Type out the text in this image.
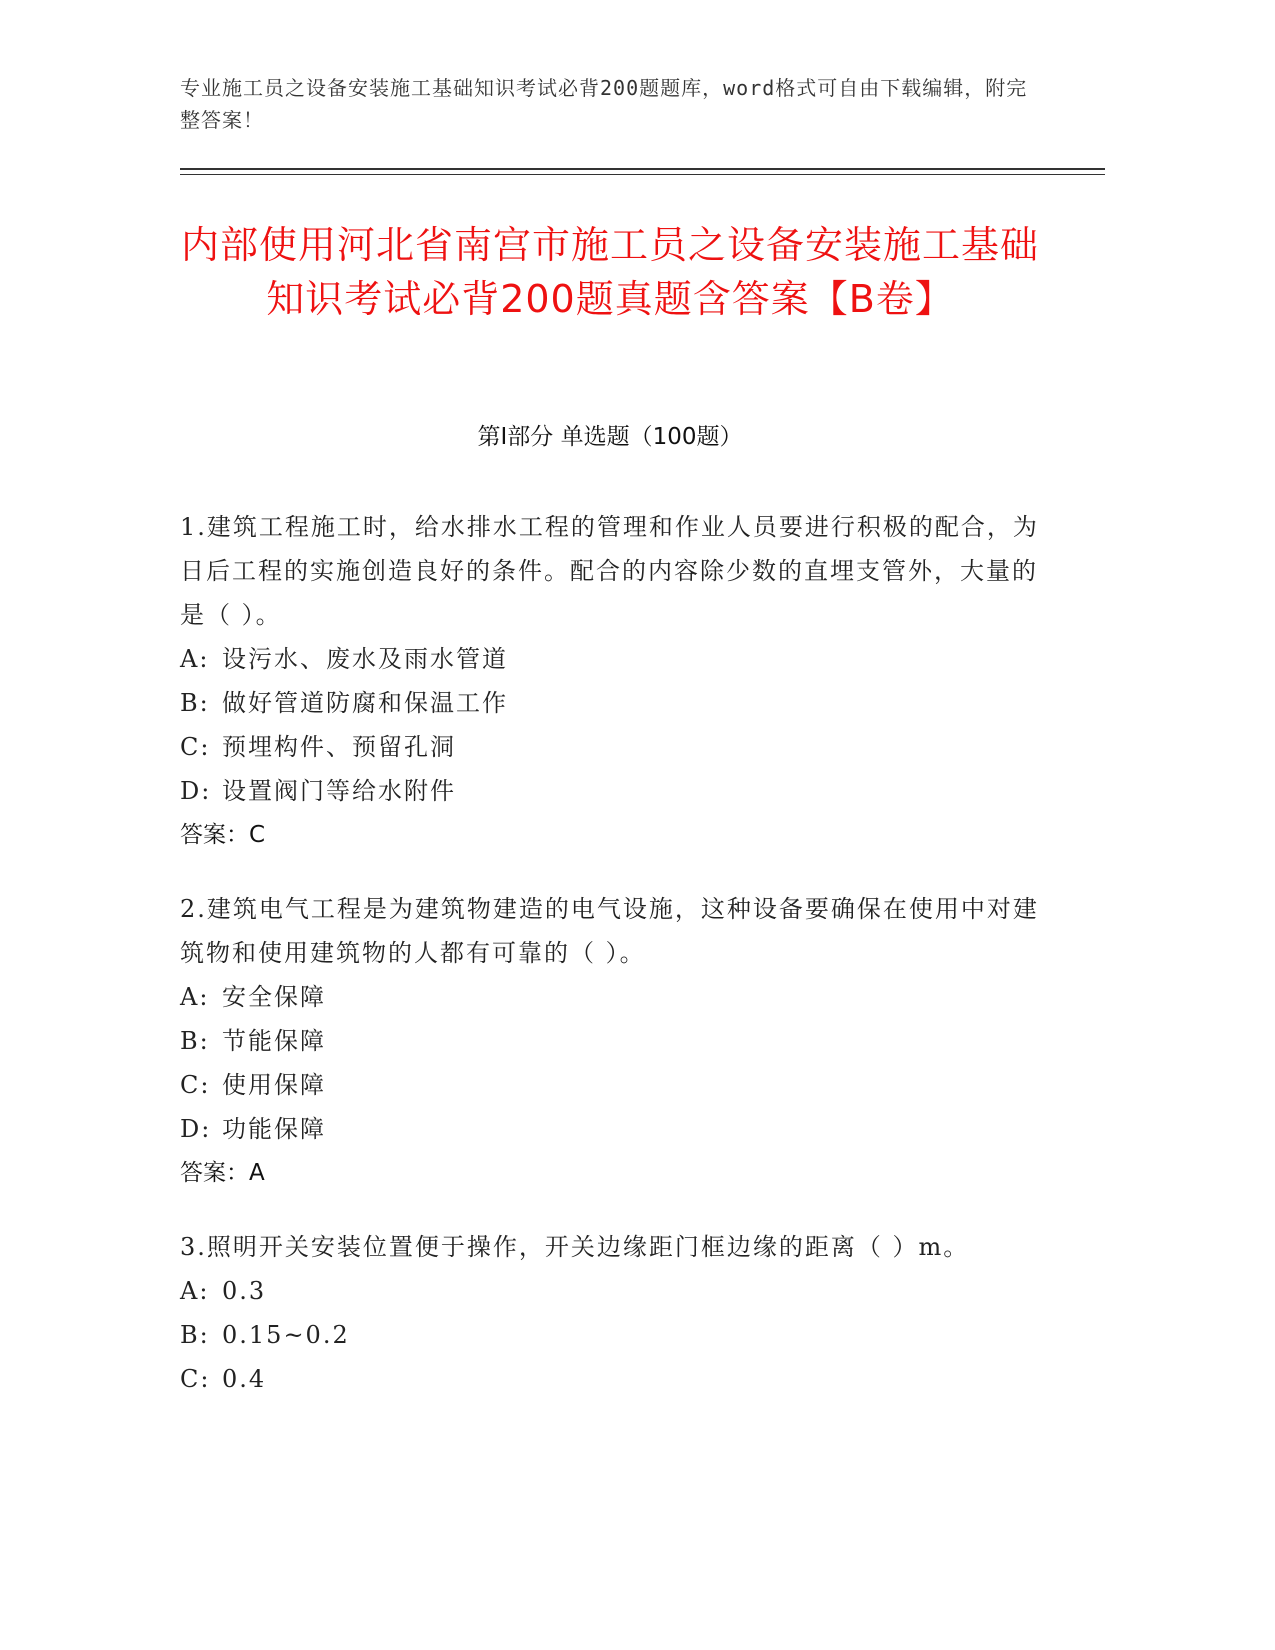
专业施工员之设备安装施工基础知识考试必背200题题库，word格式可自由下载编辑，附完整答案！
内部使用河北省南宫市施工员之设备安装施工基础知识考试必背200题真题含答案【B卷】
第Ⅰ部分 单选题（100题）

1.建筑工程施工时，给水排水工程的管理和作业人员要进行积极的配合，为日后工程的实施创造良好的条件。配合的内容除少数的直埋支管外，大量的是（ ）。

A: 设污水、废水及雨水管道
B: 做好管道防腐和保温工作
C: 预埋构件、预留孔洞
D: 设置阀门等给水附件
答案：C

2.建筑电气工程是为建筑物建造的电气设施，这种设备要确保在使用中对建筑物和使用建筑物的人都有可靠的（ ）。

A: 安全保障
B: 节能保障
C: 使用保障
D: 功能保障
答案：A

3.照明开关安装位置便于操作，开关边缘距门框边缘的距离（ ）m。

A: 0.3
B: 0.15~0.2
C: 0.4
